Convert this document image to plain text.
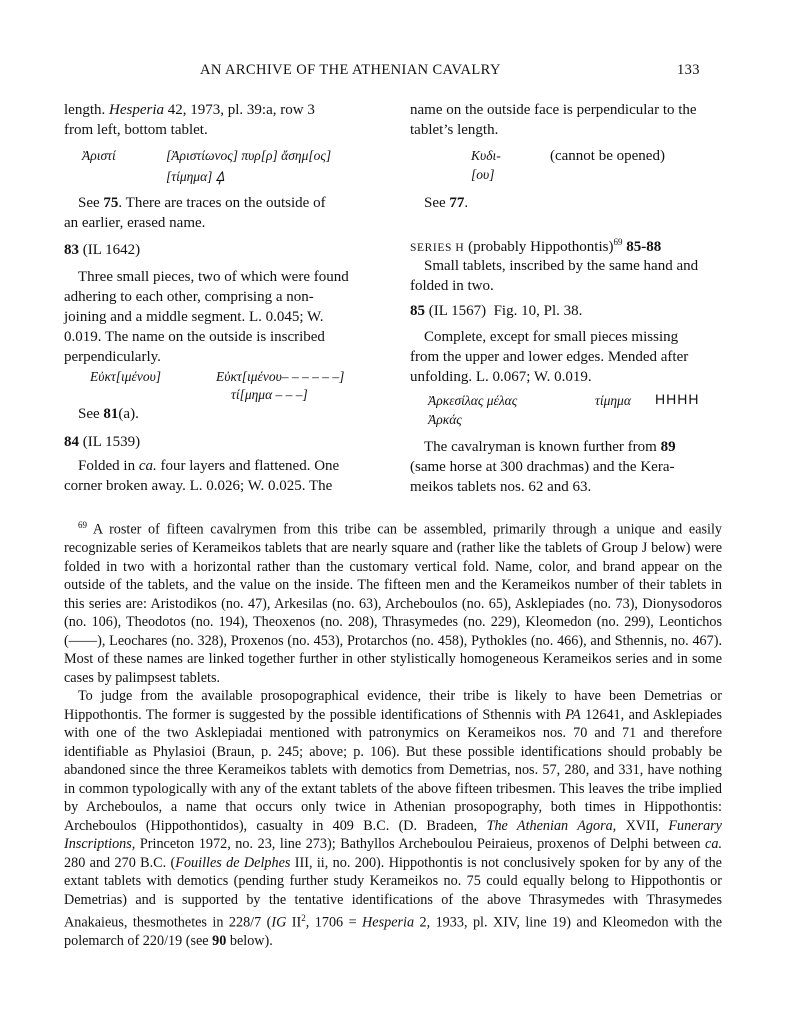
AN ARCHIVE OF THE ATHENIAN CAVALRY	133

length. Hesperia 42, 1973, pl. 39:a, row 3

from left, bottom tablet.

Ἀριστί	[Ἀριστίωνος] πυρ[ρ] ἄσημ[ος]
[τίμημα] 𐅉

See 75. There are traces on the outside of

an earlier, erased name.

83 (IL 1642)

Three small pieces, two of which were found

adhering to each other, comprising a non-

joining and a middle segment. L. 0.045; W.

0.019. The name on the outside is inscribed

perpendicularly.

Εὐκτ[ιμένου]	Εὐκτ[ιμένου– – – – – –]
τί[μημα – – –]

See 81(a).

84 (IL 1539)

Folded in ca. four layers and flattened. One

corner broken away. L. 0.026; W. 0.025. The

name on the outside face is perpendicular to the

tablet’s length.

Κυδι-	(cannot be opened)
[ου]

See 77.

SERIES H (probably Hippothontis)$^{69}$ 85-88

Small tablets, inscribed by the same hand and

folded in two.

85 (IL 1567) Fig. 10, Pl. 38.

Complete, except for small pieces missing

from the upper and lower edges. Mended after

unfolding. L. 0.067; W. 0.019.

Ἀρκεσίλας μέλας	τίμημα HHHH
Ἀρκάς

The cavalryman is known further from 89

(same horse at 300 drachmas) and the Kera-

meikos tablets nos. 62 and 63.

$^{69}$ A roster of fifteen cavalrymen from this tribe can be assembled, primarily through a unique and easily recognizable series of Kerameikos tablets that are nearly square and (rather like the tablets of Group J below) were folded in two with a horizontal rather than the customary vertical fold. Name, color, and brand appear on the outside of the tablets, and the value on the inside. The fifteen men and the Kerameikos number of their tablets in this series are: Aristodikos (no. 47), Arkesilas (no. 63), Archeboulos (no. 65), Asklepiades (no. 73), Dionysodoros (no. 106), Theodotos (no. 194), Theoxenos (no. 208), Thrasymedes (no. 229), Kleomedon (no. 299), Leontichos (——), Leochares (no. 328), Proxenos (no. 453), Protarchos (no. 458), Pythokles (no. 466), and Sthennis, no. 467). Most of these names are linked together further in other stylistically homogeneous Kerameikos series and in some cases by palimpsest tablets.

To judge from the available prosopographical evidence, their tribe is likely to have been Demetrias or Hippothontis. The former is suggested by the possible identifications of Sthennis with PA 12641, and Asklepiades with one of the two Asklepiadai mentioned with patronymics on Kerameikos nos. 70 and 71 and therefore identifiable as Phylasioi (Braun, p. 245; above; p. 106). But these possible identifications should probably be abandoned since the three Kerameikos tablets with demotics from Demetrias, nos. 57, 280, and 331, have nothing in common typologically with any of the extant tablets of the above fifteen tribesmen. This leaves the tribe implied by Archeboulos, a name that occurs only twice in Athenian prosopography, both times in Hippothontis: Archeboulos (Hippothontidos), casualty in 409 B.C. (D. Bradeen, The Athenian Agora, XVII, Funerary Inscriptions, Princeton 1972, no. 23, line 273); Bathyllos Archeboulou Peiraieus, proxenos of Delphi between ca. 280 and 270 B.C. (Fouilles de Delphes III, ii, no. 200). Hippothontis is not conclusively spoken for by any of the extant tablets with demotics (pending further study Kerameikos no. 75 could equally belong to Hippothontis or Demetrias) and is supported by the tentative identifications of the above Thrasymedes with Thrasymedes Anakaieus, thesmothetes in 228/7 (IG $II^2$, 1706 = Hesperia 2, 1933, pl. XIV, line 19) and Kleomedon with the polemarch of 220/19 (see 90 below).
